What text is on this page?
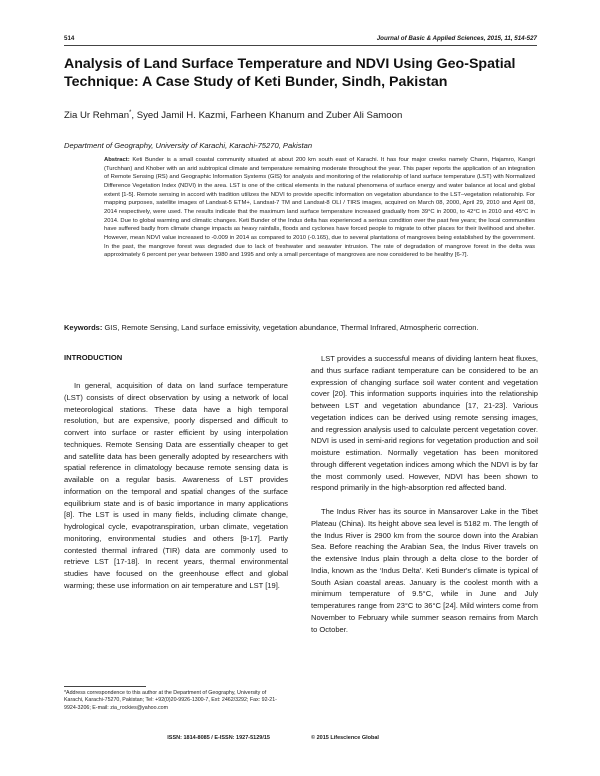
514	Journal of Basic & Applied Sciences, 2015, 11, 514-527
Analysis of Land Surface Temperature and NDVI Using Geo-Spatial Technique: A Case Study of Keti Bunder, Sindh, Pakistan

Zia Ur Rehman*, Syed Jamil H. Kazmi, Farheen Khanum and Zuber Ali Samoon

Department of Geography, University of Karachi, Karachi-75270, Pakistan

Abstract: Keti Bunder is a small coastal community situated at about 200 km south east of Karachi. It has four major creeks namely Chann, Hajamro, Kangri (Turchhan) and Khober with an arid subtropical climate and temperature remaining moderate throughout the year. This paper reports the application of an integration of Remote Sensing (RS) and Geographic Information Systems (GIS) for analysis and monitoring of the relationship of land surface temperature (LST) with Normalized Difference Vegetation Index (NDVI) in the area. LST is one of the critical elements in the natural phenomena of surface energy and water balance at local and global extent [1-5]. Remote sensing in accord with tradition utilizes the NDVI to provide specific information on vegetation abundance to the LST–vegetation relationship. For mapping purposes, satellite images of Landsat-5 ETM+, Landsat-7 TM and Landsat-8 OLI / TIRS images, acquired on March 08, 2000, April 29, 2010 and April 08, 2014 respectively, were used. The results indicate that the maximum land surface temperature increased gradually from 39°C in 2000, to 42°C in 2010 and 45°C in 2014. Due to global warming and climatic changes. Keti Bunder of the Indus delta has experienced a serious condition over the past few years; the local communities have suffered badly from climate change impacts as heavy rainfalls, floods and cyclones have forced people to migrate to other places for their livelihood and shelter. However, mean NDVI value increased to -0.009 in 2014 as compared to 2010 (-0.165), due to several plantations of mangroves being established by the government. In the past, the mangrove forest was degraded due to lack of freshwater and seawater intrusion. The rate of degradation of mangrove forest in the delta was approximately 6 percent per year between 1980 and 1995 and only a small percentage of mangroves are now considered to be healthy [6-7].

Keywords: GIS, Remote Sensing, Land surface emissivity, vegetation abundance, Thermal Infrared, Atmospheric correction.

INTRODUCTION

In general, acquisition of data on land surface temperature (LST) consists of direct observation by using a network of local meteorological stations. These data have a high temporal resolution, but are expensive, poorly dispersed and difficult to convert into surface or raster efficient by using interpolation techniques. Remote Sensing Data are essentially cheaper to get and satellite data has been generally adopted by researchers with spatial reference in climatology because remote sensing data is available on a regular basis. Awareness of LST provides information on the temporal and spatial changes of the surface equilibrium state and is of basic importance in many applications [8]. The LST is used in many fields, including climate change, hydrological cycle, evapotranspiration, urban climate, vegetation monitoring, environmental studies and others [9-17]. Partly contested thermal infrared (TIR) data are commonly used to retrieve LST [17-18]. In recent years, thermal environmental studies have focused on the greenhouse effect and global warming; these use information on air temperature and LST [19].

LST provides a successful means of dividing lantern heat fluxes, and thus surface radiant temperature can be considered to be an expression of changing surface soil water content and vegetation cover [20]. This information supports inquiries into the relationship between LST and vegetation abundance [17, 21-23]. Various vegetation indices can be derived using remote sensing images, and regression analysis used to calculate percent vegetation cover. NDVI is used in semi-arid regions for vegetation production and soil moisture estimation. Normally vegetation has been monitored through different vegetation indices among which the NDVI is by far the most commonly used. However, NDVI has been shown to respond primarily in the high-absorption red affected band.

The Indus River has its source in Mansarover Lake in the Tibet Plateau (China). Its height above sea level is 5182 m. The length of the Indus River is 2900 km from the source down into the Arabian Sea. Before reaching the Arabian Sea, the Indus River travels on the extensive Indus plain through a delta close to the border of India, known as the ‘Indus Delta’. Keti Bunder's climate is typical of South Asian coastal areas. January is the coolest month with a minimum temperature of 9.5°C, while in June and July temperatures range from 23°C to 36°C [24]. Mild winters come from November to February while summer season remains from March to October.

*Address correspondence to this author at the Department of Geography, University of Karachi, Karachi-75270, Pakistan; Tel: +92(0)20-9926-1300-7, Ext: 2462/3292; Fax: 92-21-9924-3206; E-mail: zia_rockies@yahoo.com

ISSN: 1814-8085 / E-ISSN: 1927-5129/15	© 2015 Lifescience Global
